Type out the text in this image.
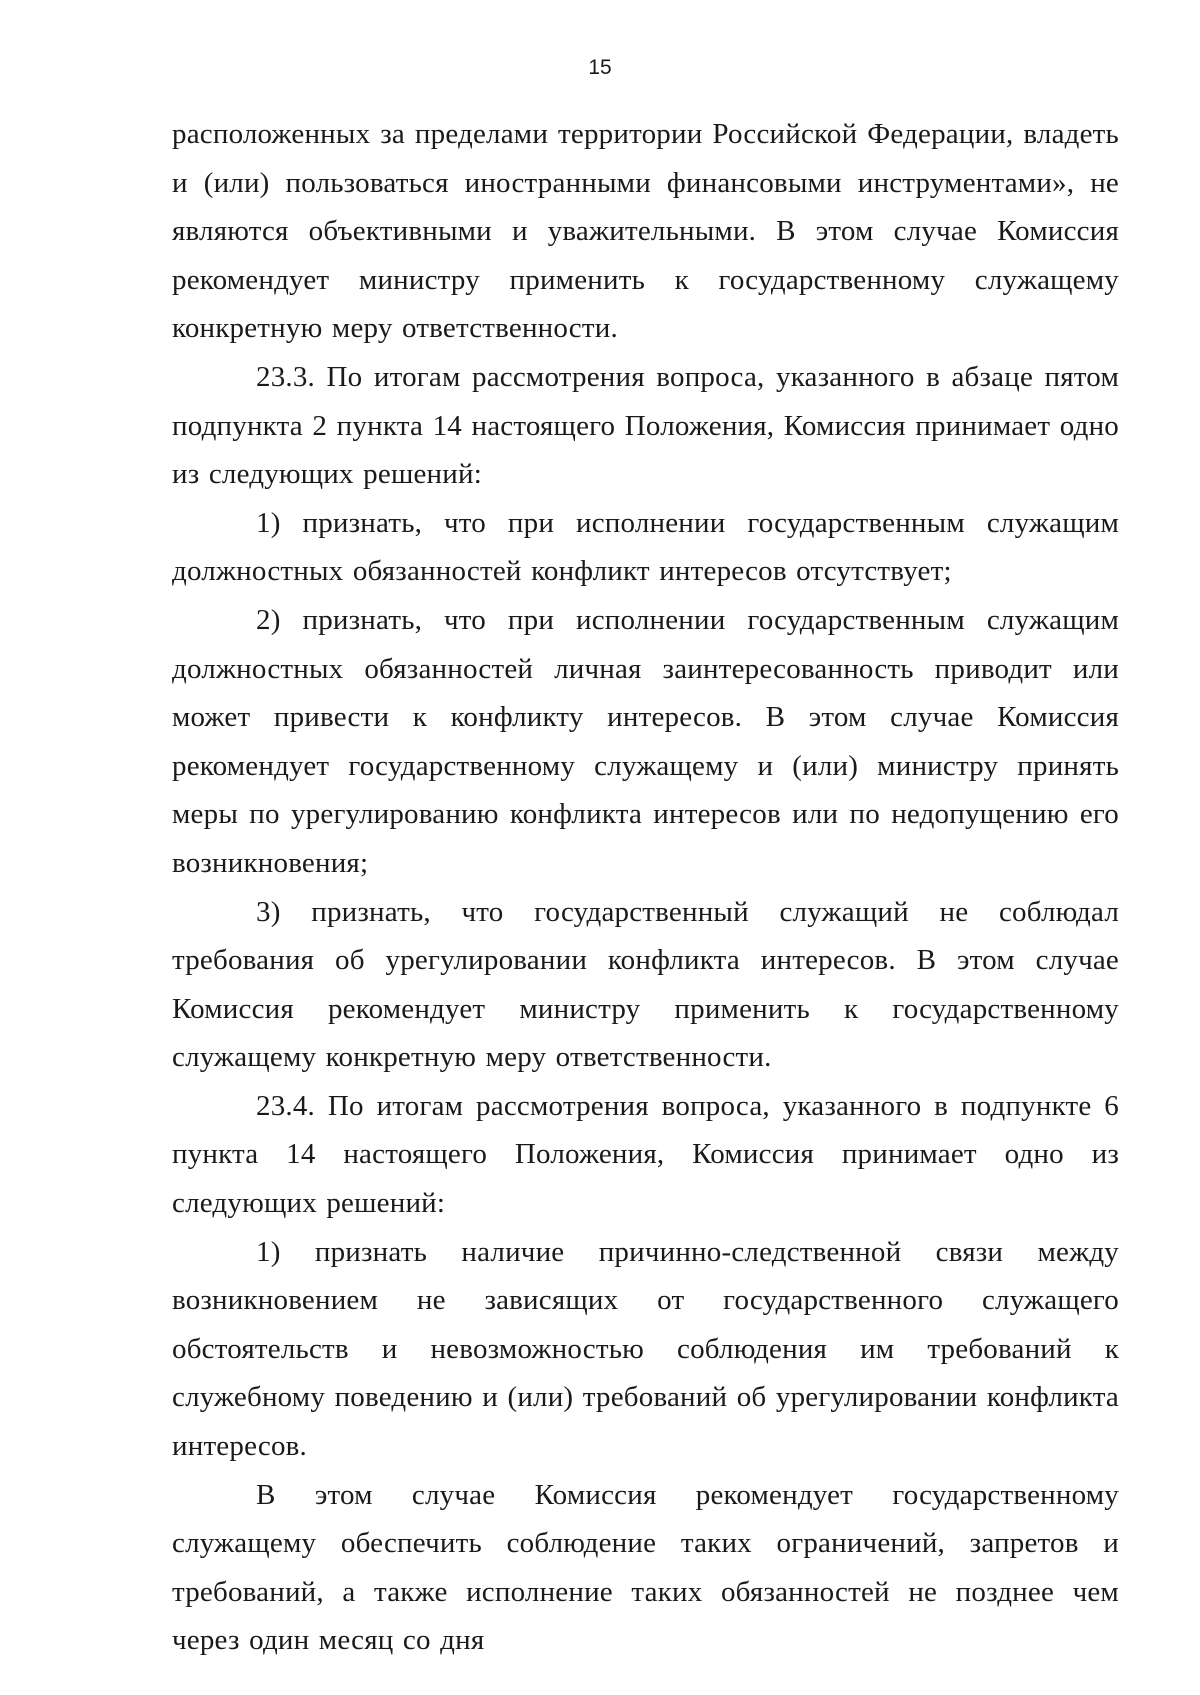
15

расположенных за пределами территории Российской Федерации, владеть и (или) пользоваться иностранными финансовыми инструментами», не являются объективными и уважительными. В этом случае Комиссия рекомендует министру применить к государственному служащему конкретную меру ответственности.

23.3. По итогам рассмотрения вопроса, указанного в абзаце пятом подпункта 2 пункта 14 настоящего Положения, Комиссия принимает одно из следующих решений:

1) признать, что при исполнении государственным служащим должностных обязанностей конфликт интересов отсутствует;

2) признать, что при исполнении государственным служащим должностных обязанностей личная заинтересованность приводит или может привести к конфликту интересов. В этом случае Комиссия рекомендует государственному служащему и (или) министру принять меры по урегулированию конфликта интересов или по недопущению его возникновения;

3) признать, что государственный служащий не соблюдал требования об урегулировании конфликта интересов. В этом случае Комиссия рекомендует министру применить к государственному служащему конкретную меру ответственности.

23.4. По итогам рассмотрения вопроса, указанного в подпункте 6 пункта 14 настоящего Положения, Комиссия принимает одно из следующих решений:

1) признать наличие причинно-следственной связи между возникновением не зависящих от государственного служащего обстоятельств и невозможностью соблюдения им требований к служебному поведению и (или) требований об урегулировании конфликта интересов.

В этом случае Комиссия рекомендует государственному служащему обеспечить соблюдение таких ограничений, запретов и требований, а также исполнение таких обязанностей не позднее чем через один месяц со дня
